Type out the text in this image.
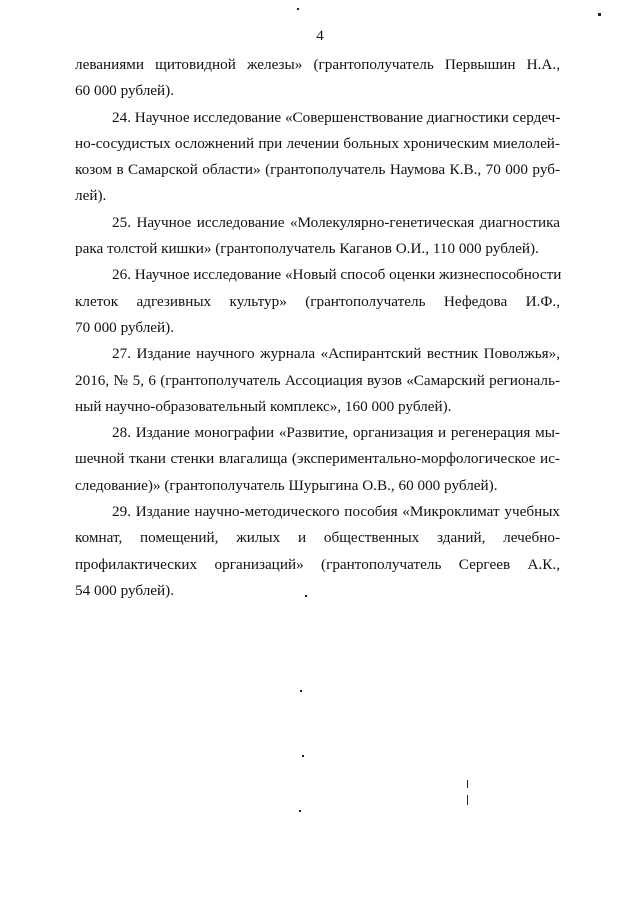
4
леваниями щитовидной железы» (грантополучатель Первышин Н.А.,
60 000 рублей).
24. Научное исследование «Совершенствование диагностики сердеч-
но-сосудистых осложнений при лечении больных хроническим миелолей-
козом в Самарской области» (грантополучатель Наумова К.В., 70 000 руб-
лей).
25. Научное исследование «Молекулярно-генетическая диагностика
рака толстой кишки» (грантополучатель Каганов О.И., 110 000 рублей).
26. Научное исследование «Новый способ оценки жизнеспособности
клеток адгезивных культур» (грантополучатель Нефедова И.Ф.,
70 000 рублей).
27. Издание научного журнала «Аспирантский вестник Поволжья»,
2016, № 5, 6 (грантополучатель Ассоциация вузов «Самарский региональ-
ный научно-образовательный комплекс», 160 000 рублей).
28. Издание монографии «Развитие, организация и регенерация мы-
шечной ткани стенки влагалища (экспериментально-морфологическое ис-
следование)» (грантополучатель Шурыгина О.В., 60 000 рублей).
29. Издание научно-методического пособия «Микроклимат учебных
комнат, помещений, жилых и общественных зданий, лечебно-
профилактических организаций» (грантополучатель Сергеев А.К.,
54 000 рублей).
